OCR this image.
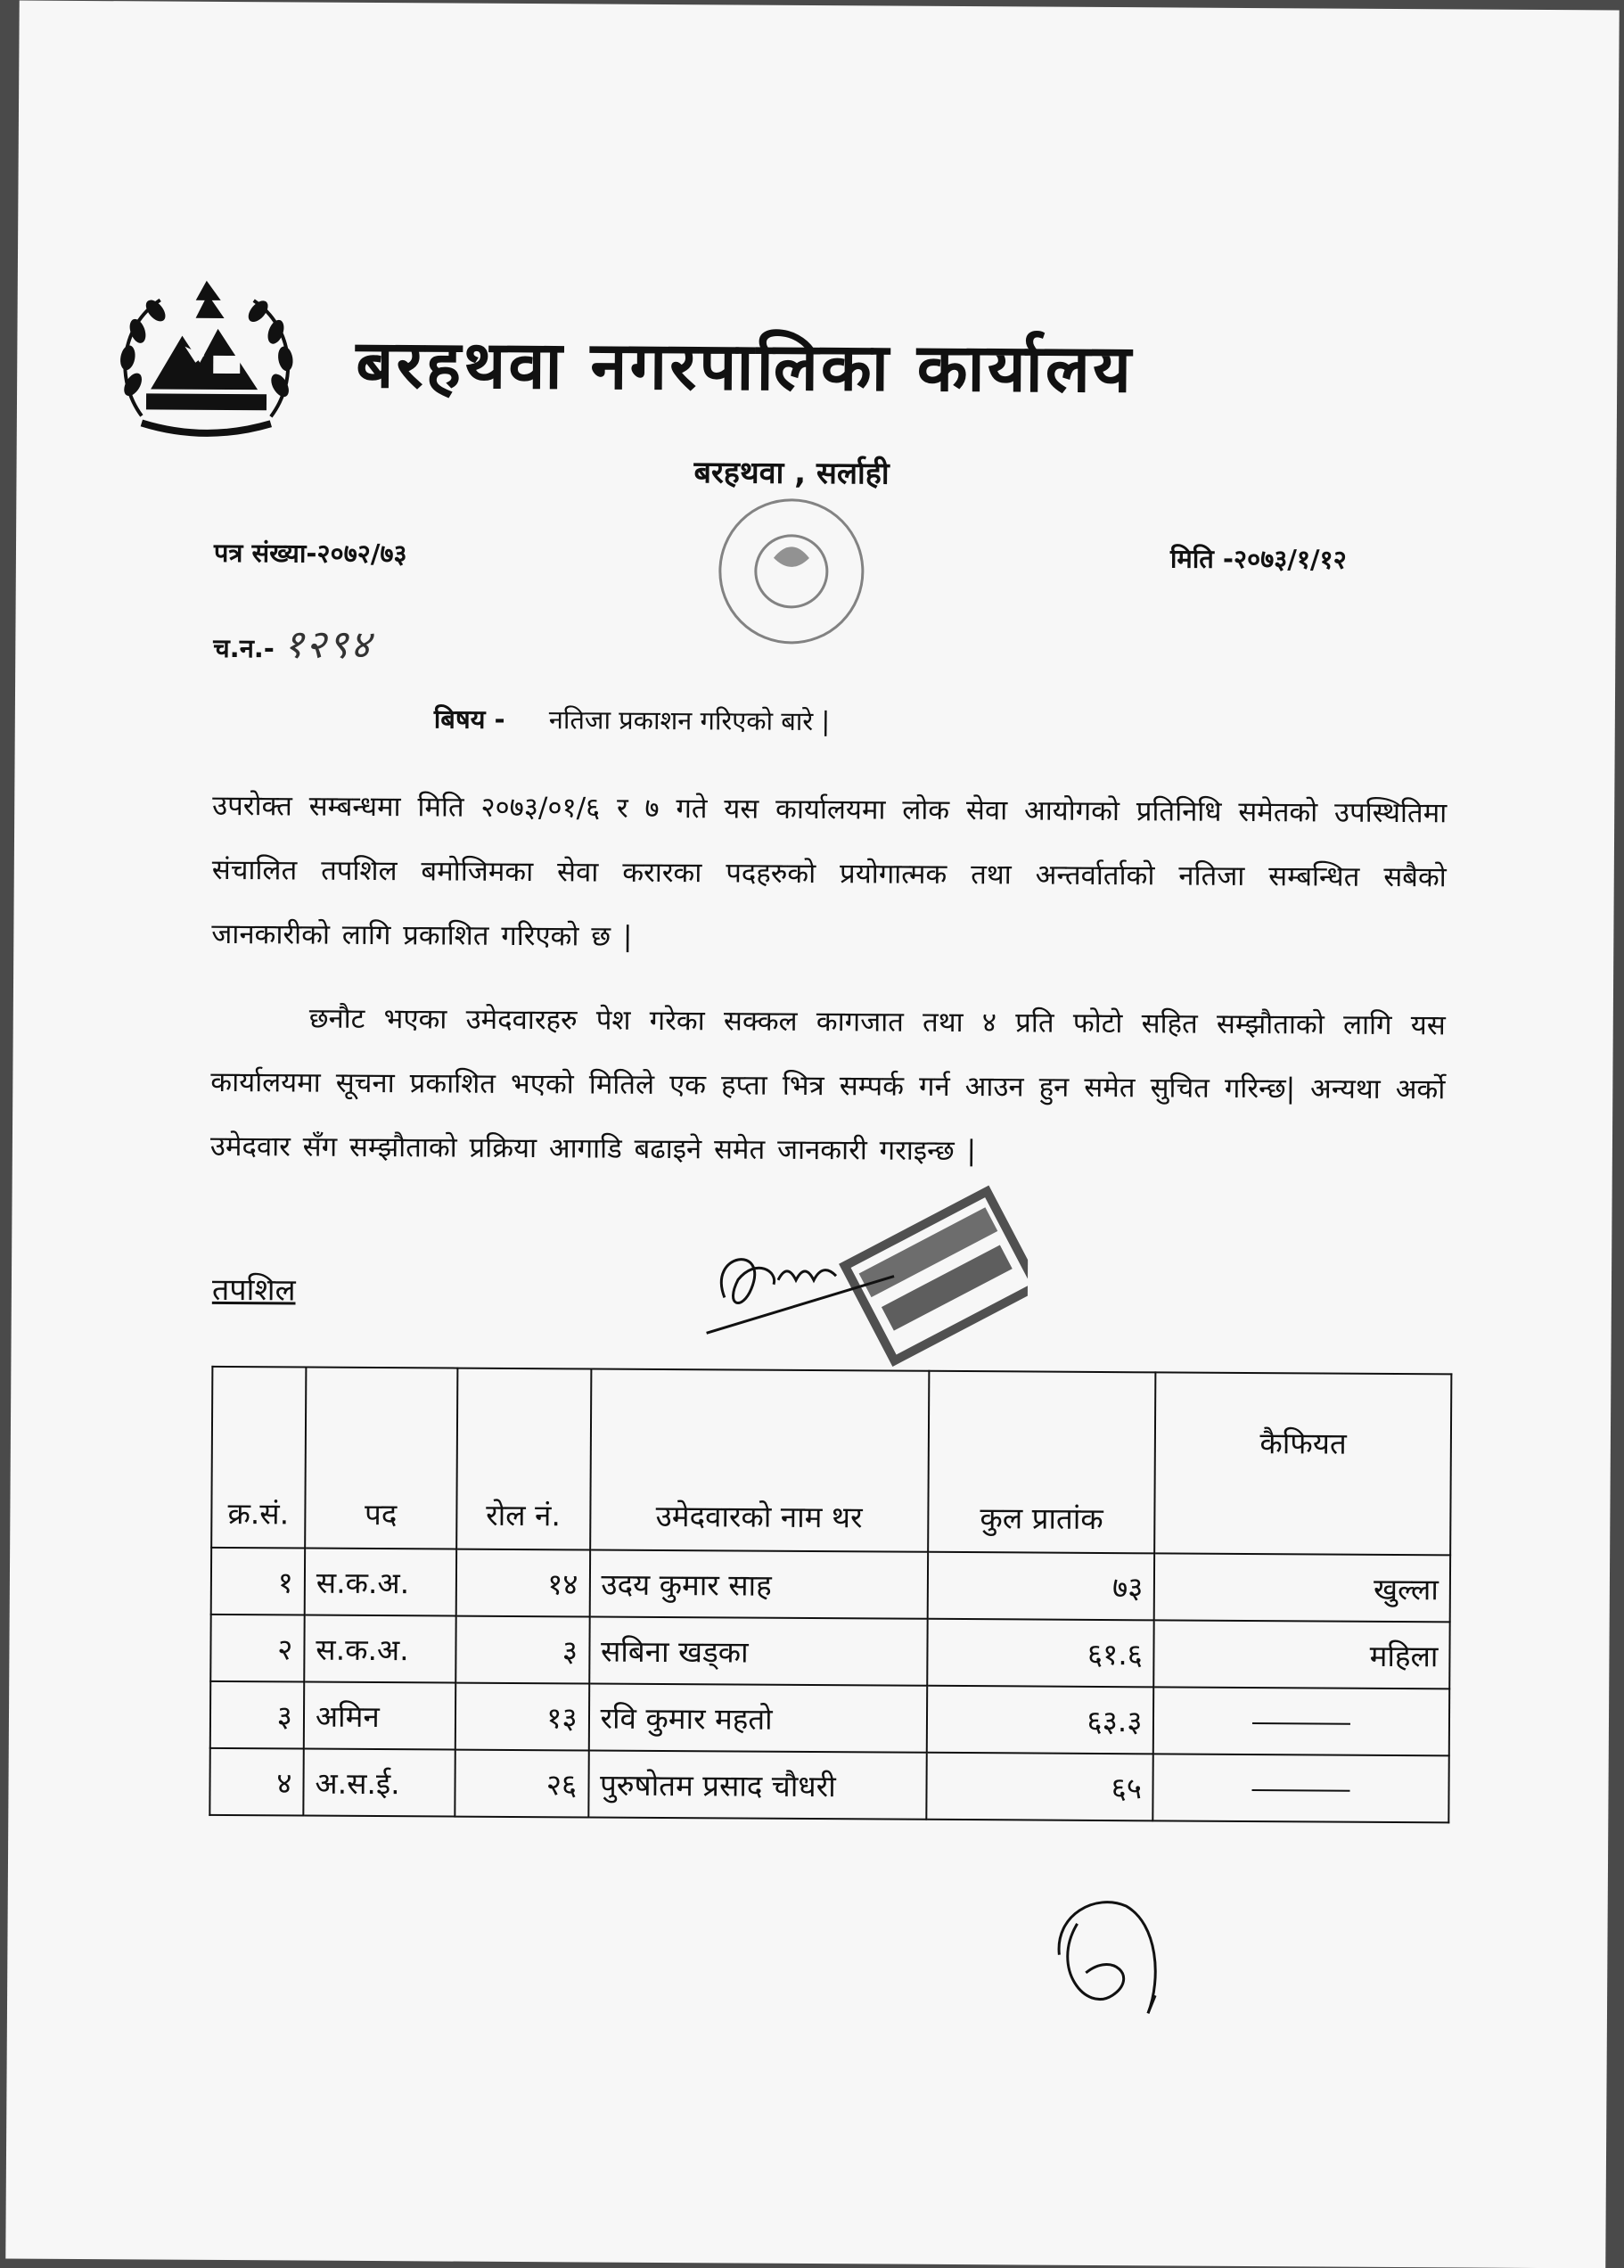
बरहथवा नगरपालिका कार्यालय
बरहथवा , सर्लाही
पत्र संख्या-२०७२/७३	मिति -२०७३/१/१२
च.न.- १२९४
बिषय - नतिजा प्रकाशन गरिएको बारे |
उपरोक्त सम्बन्धमा मिति २०७३/०१/६ र ७ गते यस कार्यालयमा लोक सेवा आयोगको प्रतिनिधि समेतको उपस्थितिमा संचालित तपशिल बमोजिमका सेवा करारका पदहरुको प्रयोगात्मक तथा अन्तर्वार्ताको नतिजा सम्बन्धित सबैको जानकारीको लागि प्रकाशित गरिएको छ |
छनौट भएका उमेदवारहरु पेश गरेका सक्कल कागजात तथा ४ प्रति फोटो सहित सम्झौताको लागि यस कार्यालयमा सूचना प्रकाशित भएको मितिले एक हप्ता भित्र सम्पर्क गर्न आउन हुन समेत सुचित गरिन्छ| अन्यथा अर्को उमेदवार सँग सम्झौताको प्रक्रिया आगाडि बढाइने समेत जानकारी गराइन्छ |
तपशिल
क्र.सं.	पद	रोल नं.	उमेदवारको नाम थर	कुल प्रातांक	कैफियत
१	स.क.अ.	१४	उदय कुमार साह	७३	खुल्ला
२	स.क.अ.	३	सबिना खड्का	६१.६	महिला
३	अमिन	१३	रवि कुमार महतो	६३.३	
४	अ.स.ई.	२६	पुरुषोतम प्रसाद चौधरी	६५	
